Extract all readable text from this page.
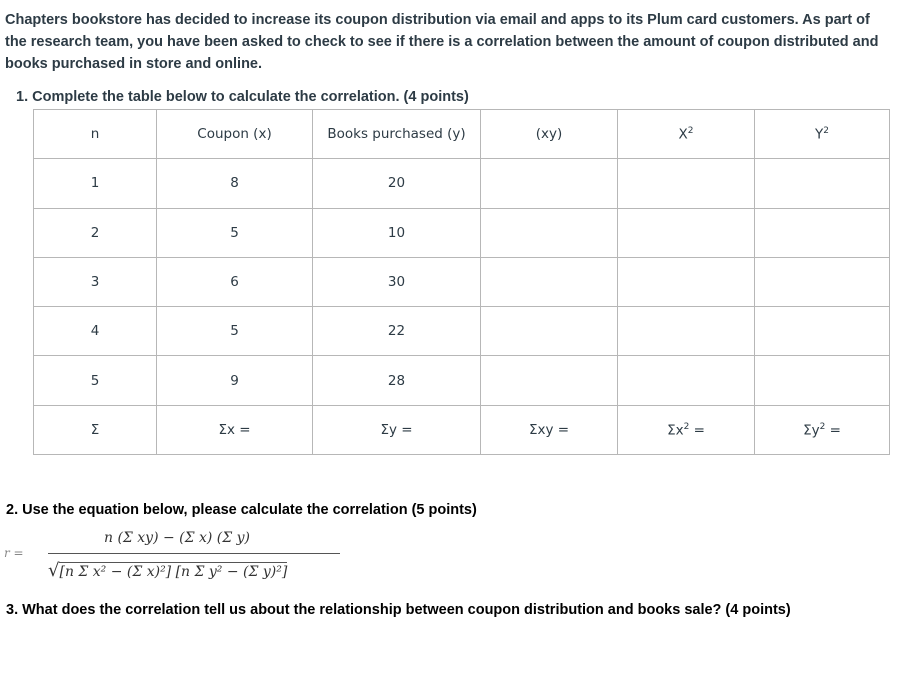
Chapters bookstore has decided to increase its coupon distribution via email and apps to its Plum card customers. As part of the research team, you have been asked to check to see if there is a correlation between the amount of coupon distributed and books purchased in store and online.

1. Complete the table below to calculate the correlation. (4 points)

n	Coupon (x)	Books purchased (y)	(xy)	$X^2$	$Y^2$
1	8	20			
2	5	10			
3	6	30			
4	5	22			
5	9	28			
Σ	Σx =	Σy =	Σxy =	$\Sigma x^2$ =	$\Sigma y^2$ =

2. Use the equation below, please calculate the correlation (5 points)

r =
n (Σ xy) − (Σ x) (Σ y)
√[n Σ x² − (Σ x)²] [n Σ y² − (Σ y)²]

3. What does the correlation tell us about the relationship between coupon distribution and books sale? (4 points)
